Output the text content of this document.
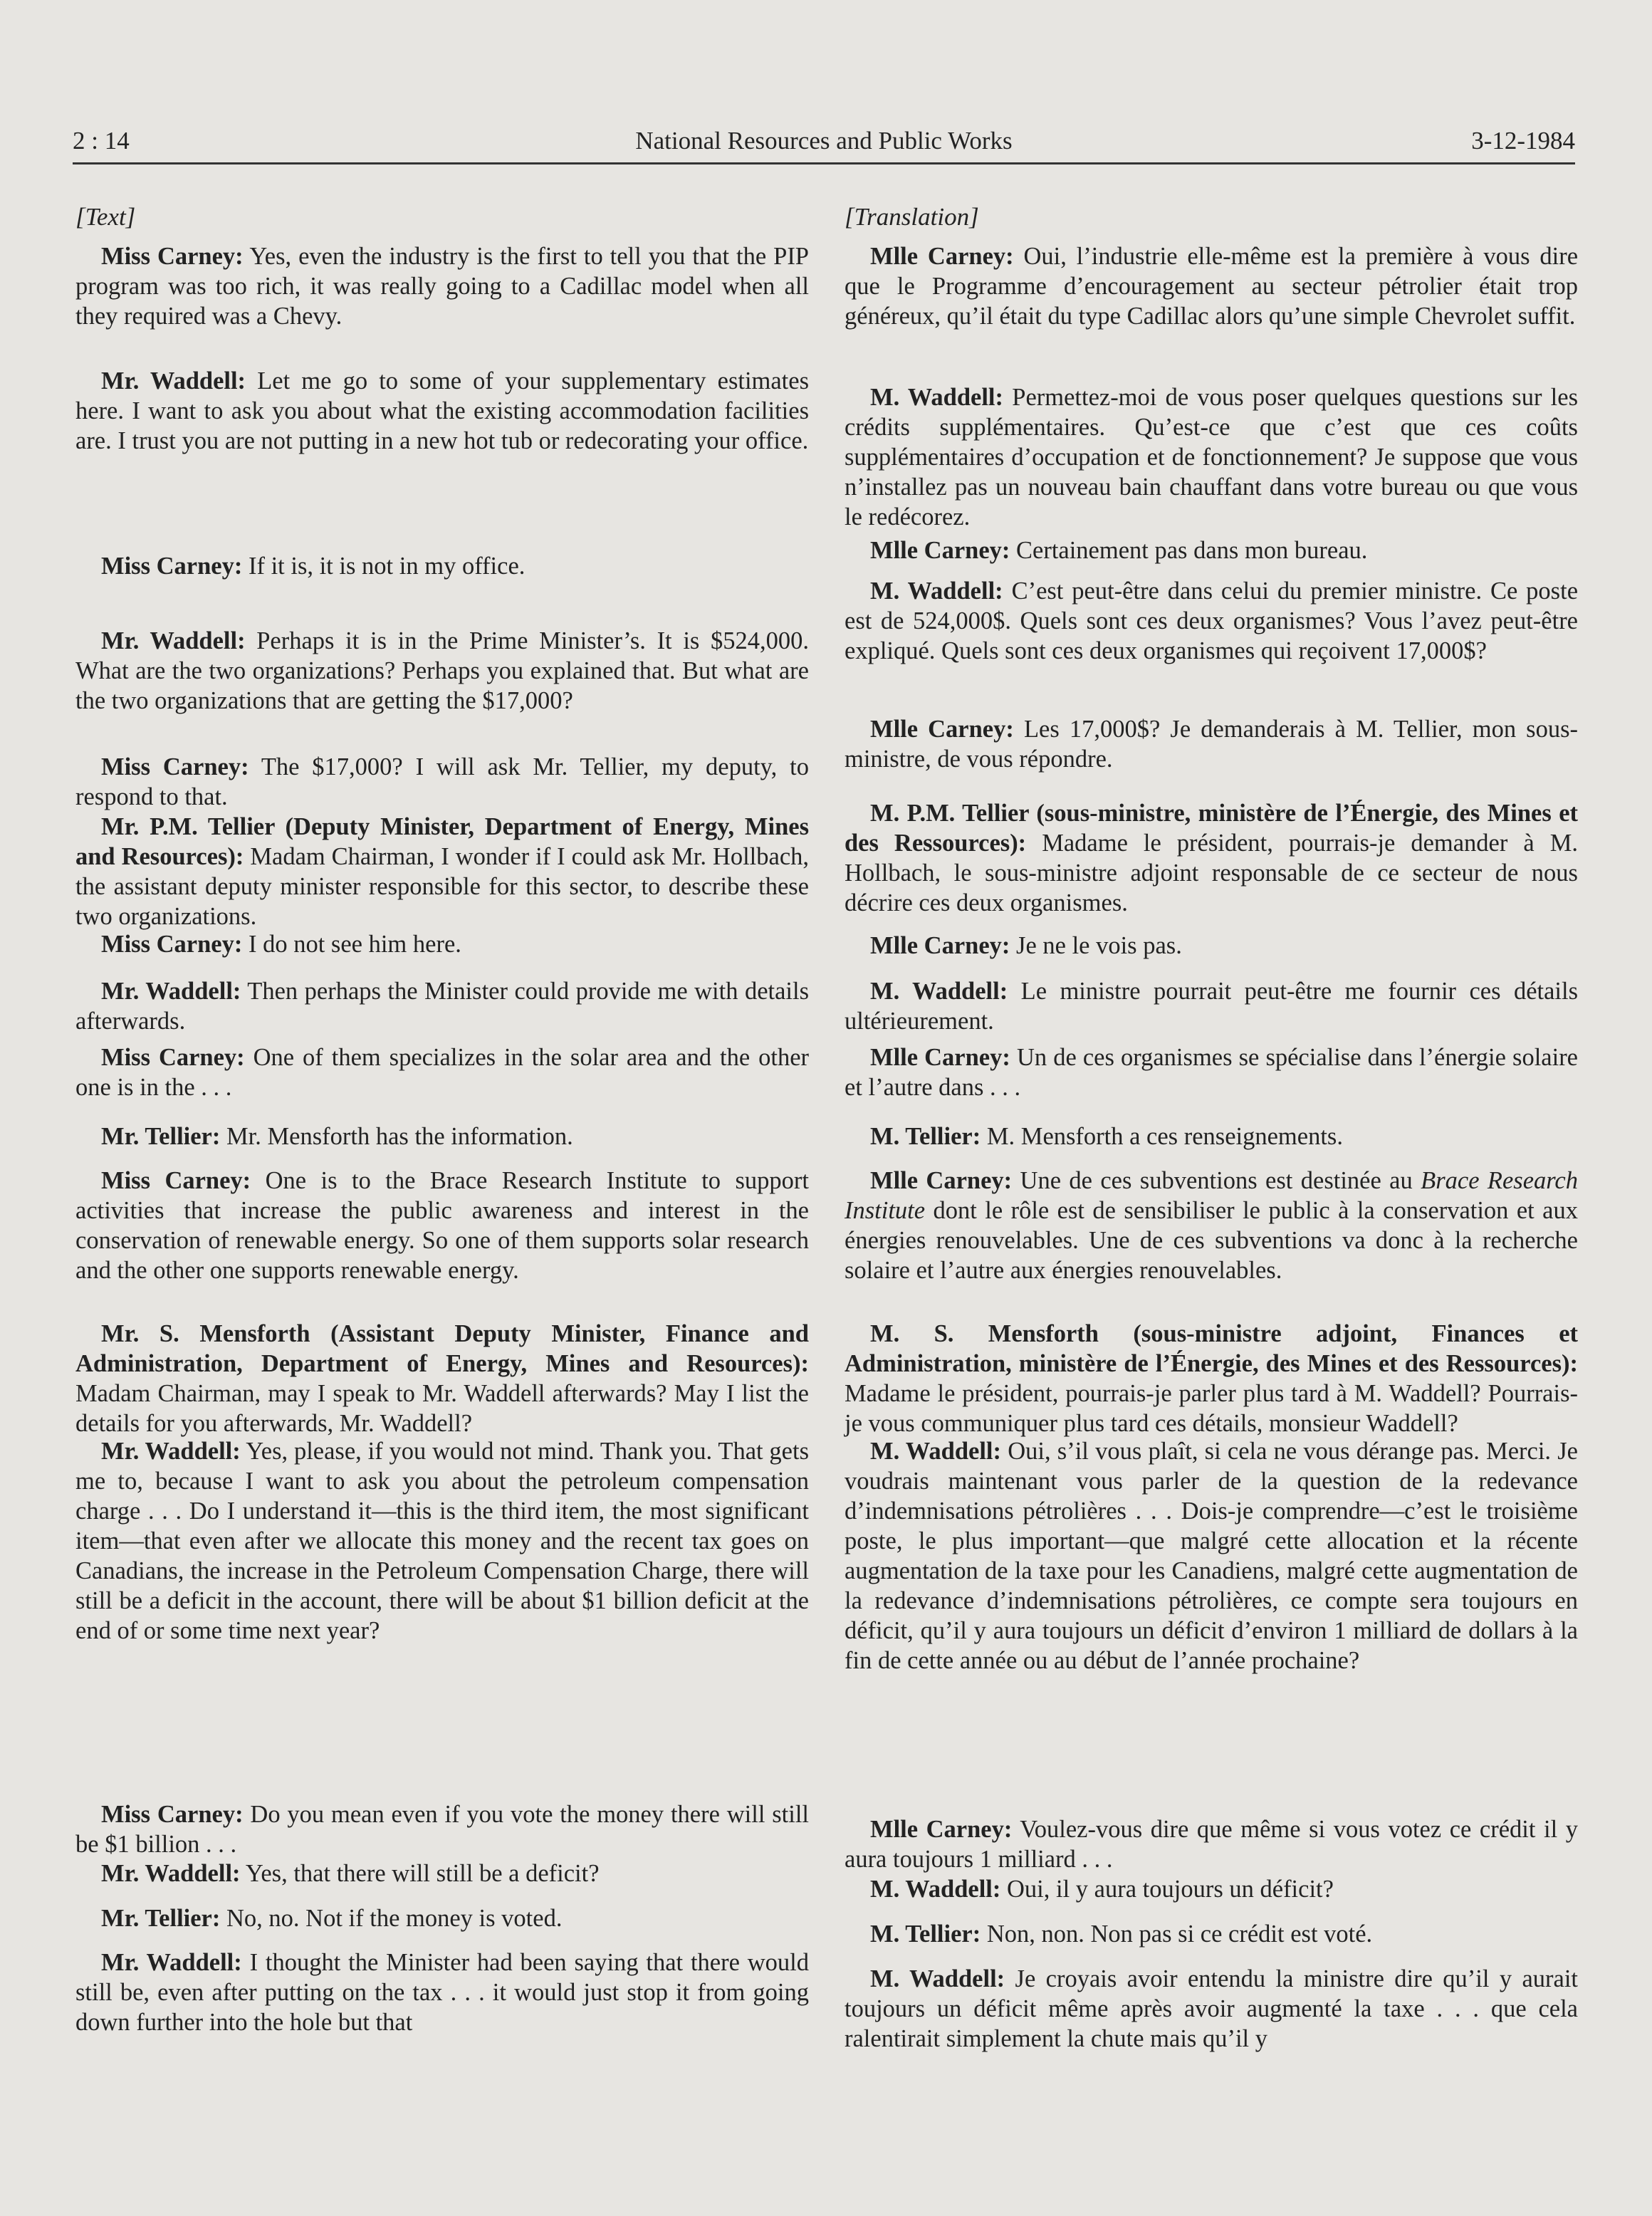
2 : 14	National Resources and Public Works	3-12-1984
[Text]

Miss Carney: Yes, even the industry is the first to tell you that the PIP program was too rich, it was really going to a Cadillac model when all they required was a Chevy.

Mr. Waddell: Let me go to some of your supplementary estimates here. I want to ask you about what the existing accommodation facilities are. I trust you are not putting in a new hot tub or redecorating your office.

Miss Carney: If it is, it is not in my office.

Mr. Waddell: Perhaps it is in the Prime Minister’s. It is $524,000. What are the two organizations? Perhaps you explained that. But what are the two organizations that are getting the $17,000?

Miss Carney: The $17,000? I will ask Mr. Tellier, my deputy, to respond to that.

Mr. P.M. Tellier (Deputy Minister, Department of Energy, Mines and Resources): Madam Chairman, I wonder if I could ask Mr. Hollbach, the assistant deputy minister responsible for this sector, to describe these two organizations.

Miss Carney: I do not see him here.

Mr. Waddell: Then perhaps the Minister could provide me with details afterwards.

Miss Carney: One of them specializes in the solar area and the other one is in the . . .

Mr. Tellier: Mr. Mensforth has the information.

Miss Carney: One is to the Brace Research Institute to support activities that increase the public awareness and interest in the conservation of renewable energy. So one of them supports solar research and the other one supports renewable energy.

Mr. S. Mensforth (Assistant Deputy Minister, Finance and Administration, Department of Energy, Mines and Resources): Madam Chairman, may I speak to Mr. Waddell afterwards? May I list the details for you afterwards, Mr. Waddell?

Mr. Waddell: Yes, please, if you would not mind. Thank you. That gets me to, because I want to ask you about the petroleum compensation charge . . . Do I understand it—this is the third item, the most significant item—that even after we allocate this money and the recent tax goes on Canadians, the increase in the Petroleum Compensation Charge, there will still be a deficit in the account, there will be about $1 billion deficit at the end of or some time next year?

Miss Carney: Do you mean even if you vote the money there will still be $1 billion . . .

Mr. Waddell: Yes, that there will still be a deficit?

Mr. Tellier: No, no. Not if the money is voted.

Mr. Waddell: I thought the Minister had been saying that there would still be, even after putting on the tax . . . it would just stop it from going down further into the hole but that

[Translation]

Mlle Carney: Oui, l’industrie elle-même est la première à vous dire que le Programme d’encouragement au secteur pétrolier était trop généreux, qu’il était du type Cadillac alors qu’une simple Chevrolet suffit.

M. Waddell: Permettez-moi de vous poser quelques questions sur les crédits supplémentaires. Qu’est-ce que c’est que ces coûts supplémentaires d’occupation et de fonctionnement? Je suppose que vous n’installez pas un nouveau bain chauffant dans votre bureau ou que vous le redécorez.

Mlle Carney: Certainement pas dans mon bureau.

M. Waddell: C’est peut-être dans celui du premier ministre. Ce poste est de 524,000$. Quels sont ces deux organismes? Vous l’avez peut-être expliqué. Quels sont ces deux organismes qui reçoivent 17,000$?

Mlle Carney: Les 17,000$? Je demanderais à M. Tellier, mon sous-ministre, de vous répondre.

M. P.M. Tellier (sous-ministre, ministère de l’Énergie, des Mines et des Ressources): Madame le président, pourrais-je demander à M. Hollbach, le sous-ministre adjoint responsable de ce secteur de nous décrire ces deux organismes.

Mlle Carney: Je ne le vois pas.

M. Waddell: Le ministre pourrait peut-être me fournir ces détails ultérieurement.

Mlle Carney: Un de ces organismes se spécialise dans l’énergie solaire et l’autre dans . . .

M. Tellier: M. Mensforth a ces renseignements.

Mlle Carney: Une de ces subventions est destinée au Brace Research Institute dont le rôle est de sensibiliser le public à la conservation et aux énergies renouvelables. Une de ces subventions va donc à la recherche solaire et l’autre aux énergies renouvelables.

M. S. Mensforth (sous-ministre adjoint, Finances et Administration, ministère de l’Énergie, des Mines et des Ressources): Madame le président, pourrais-je parler plus tard à M. Waddell? Pourrais-je vous communiquer plus tard ces détails, monsieur Waddell?

M. Waddell: Oui, s’il vous plaît, si cela ne vous dérange pas. Merci. Je voudrais maintenant vous parler de la question de la redevance d’indemnisations pétrolières . . . Dois-je comprendre—c’est le troisième poste, le plus important—que malgré cette allocation et la récente augmentation de la taxe pour les Canadiens, malgré cette augmentation de la redevance d’indemnisations pétrolières, ce compte sera toujours en déficit, qu’il y aura toujours un déficit d’environ 1 milliard de dollars à la fin de cette année ou au début de l’année prochaine?

Mlle Carney: Voulez-vous dire que même si vous votez ce crédit il y aura toujours 1 milliard . . .

M. Waddell: Oui, il y aura toujours un déficit?

M. Tellier: Non, non. Non pas si ce crédit est voté.

M. Waddell: Je croyais avoir entendu la ministre dire qu’il y aurait toujours un déficit même après avoir augmenté la taxe . . . que cela ralentirait simplement la chute mais qu’il y
